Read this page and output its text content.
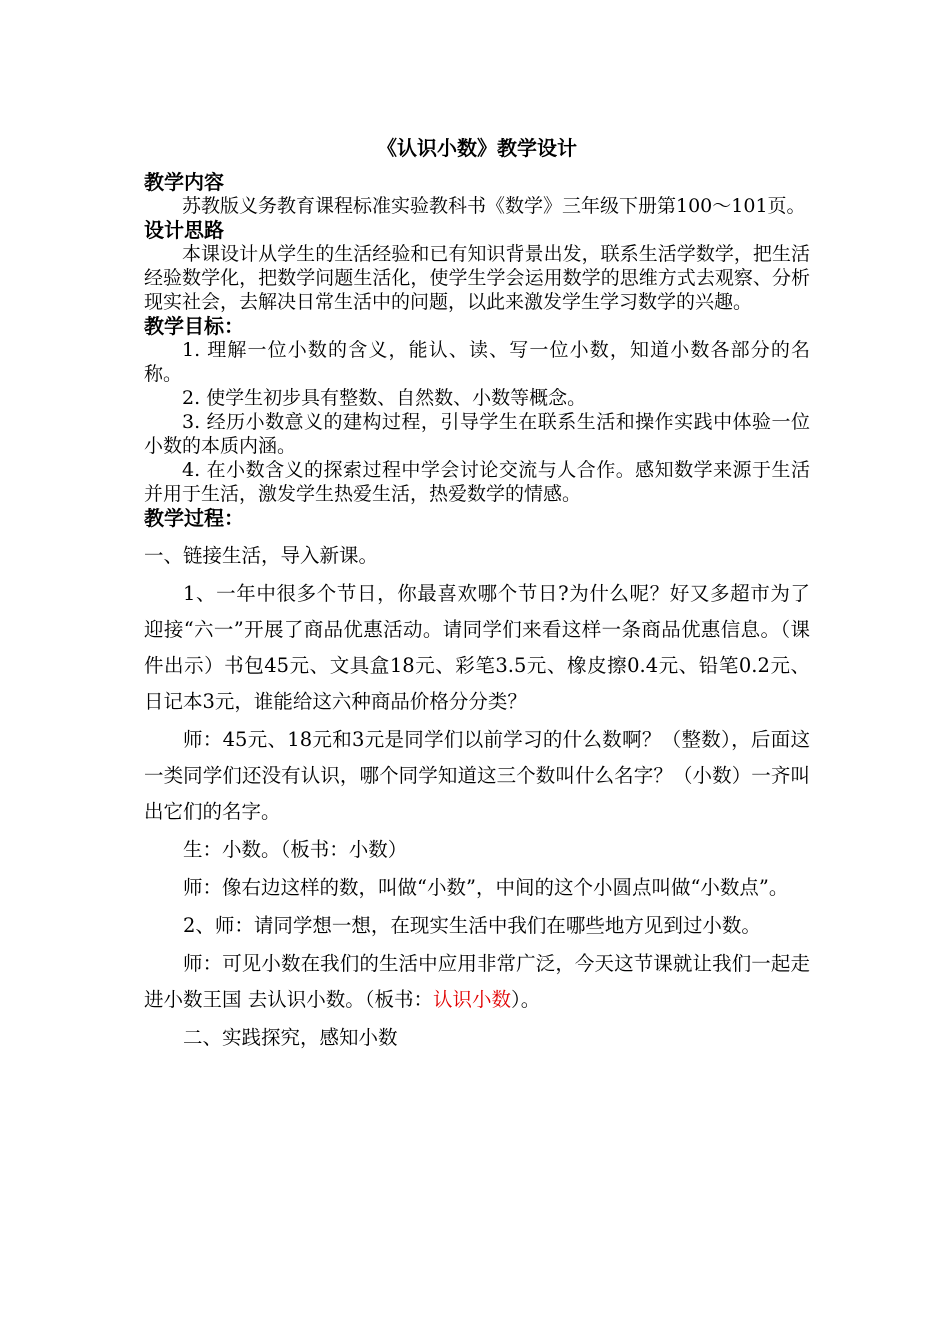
《认识小数》教学设计
教学内容

苏教版义务教育课程标准实验教科书《数学》三年级下册第100～101页。

设计思路

本课设计从学生的生活经验和已有知识背景出发，联系生活学数学，把生活经验数学化，把数学问题生活化，使学生学会运用数学的思维方式去观察、分析现实社会，去解决日常生活中的问题，以此来激发学生学习数学的兴趣。

教学目标：

1. 理解一位小数的含义，能认、读、写一位小数，知道小数各部分的名称。

2. 使学生初步具有整数、自然数、小数等概念。

3. 经历小数意义的建构过程，引导学生在联系生活和操作实践中体验一位小数的本质内涵。

4. 在小数含义的探索过程中学会讨论交流与人合作。感知数学来源于生活并用于生活，激发学生热爱生活，热爱数学的情感。

教学过程：

一、链接生活，导入新课。

1、一年中很多个节日，你最喜欢哪个节日?为什么呢？好又多超市为了迎接“六一”开展了商品优惠活动。请同学们来看这样一条商品优惠信息。（课件出示）书包45元、文具盒18元、彩笔3.5元、橡皮擦0.4元、铅笔0.2元、日记本3元，谁能给这六种商品价格分分类？

师：45元、18元和3元是同学们以前学习的什么数啊？（整数），后面这一类同学们还没有认识，哪个同学知道这三个数叫什么名字？（小数）一齐叫出它们的名字。

生：小数。（板书：小数）

师：像右边这样的数，叫做“小数”，中间的这个小圆点叫做“小数点”。

2、师：请同学想一想，在现实生活中我们在哪些地方见到过小数。

师：可见小数在我们的生活中应用非常广泛，今天这节课就让我们一起走进小数王国 去认识小数。（板书：认识小数）。

二、实践探究，感知小数
